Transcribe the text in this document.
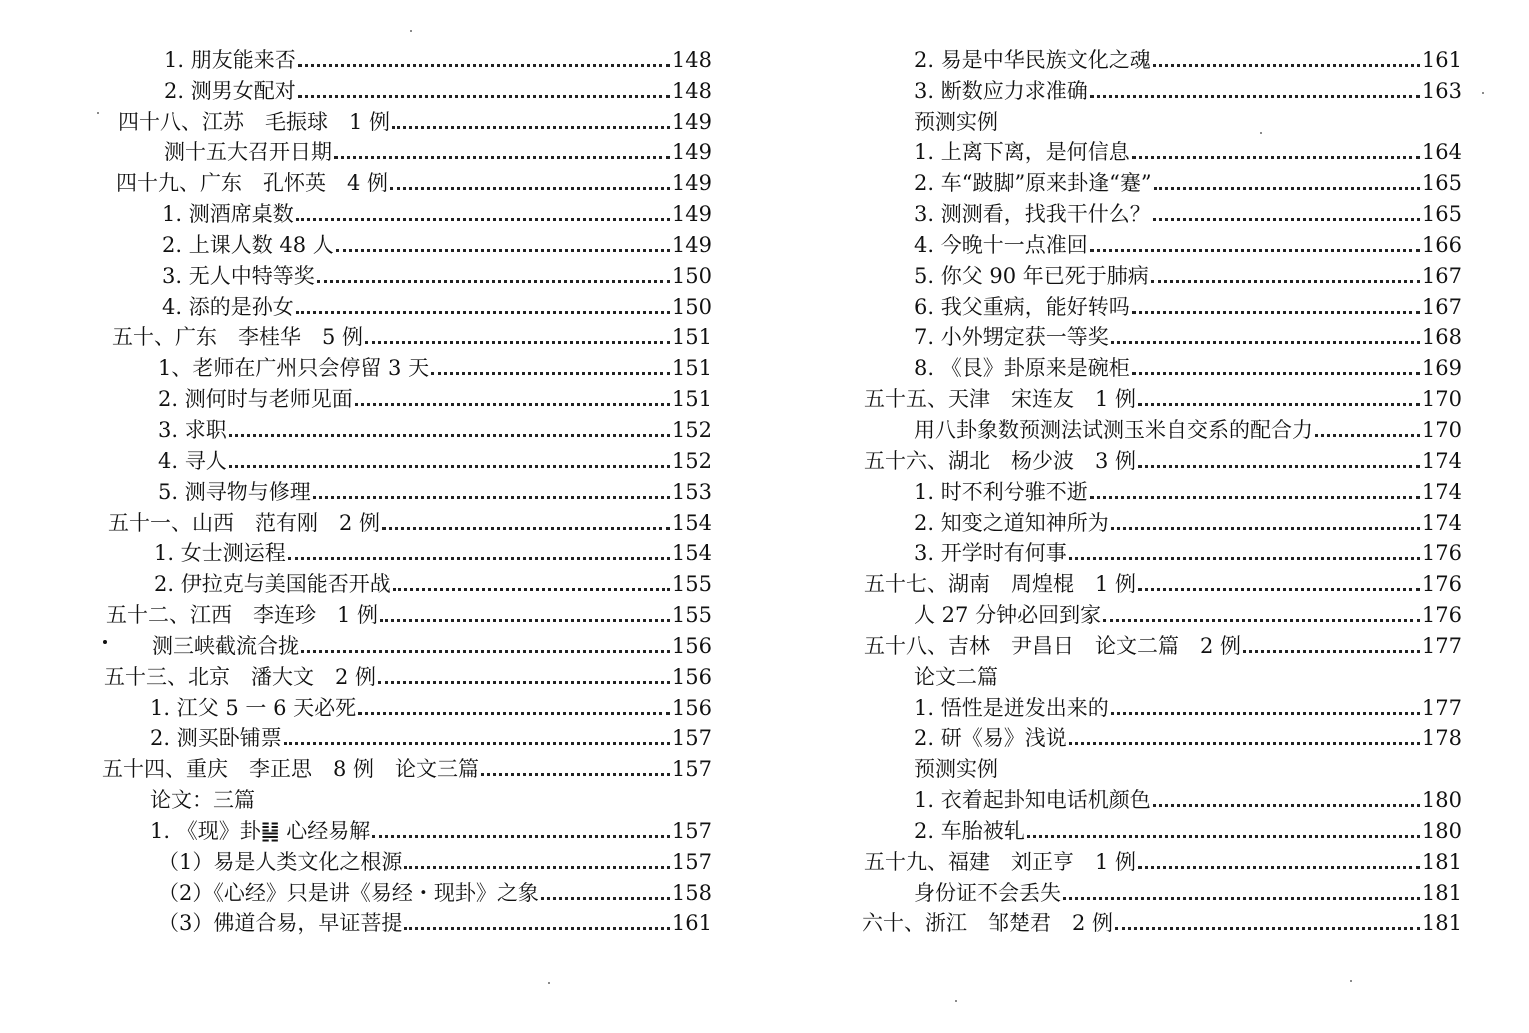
1. 朋友能来否	148
2. 测男女配对	148
四十八、江苏　毛振球　1 例	149
测十五大召开日期	149
四十九、广东　孔怀英　4 例	149
1. 测酒席桌数	149
2. 上课人数 48 人	149
3. 无人中特等奖	150
4. 添的是孙女	150
五十、广东　李桂华　5 例	151
1、老师在广州只会停留 3 天	151
2. 测何时与老师见面	151
3. 求职	152
4. 寻人	152
5. 测寻物与修理	153
五十一、山西　范有刚　2 例	154
1. 女士测运程	154
2. 伊拉克与美国能否开战	155
五十二、江西　李连珍　1 例	155
测三峡截流合拢	156
五十三、北京　潘大文　2 例	156
1. 江父 5 一 6 天必死	156
2. 测买卧铺票	157
五十四、重庆　李正思　8 例　论文三篇	157
论文：三篇
1. 《现》卦䷭ 心经易解	157
（1）易是人类文化之根源	157
（2）《心经》只是讲《易经・现卦》之象	158
（3）佛道合易，早证菩提	161
2. 易是中华民族文化之魂	161
3. 断数应力求准确	163
预测实例
1. 上离下离，是何信息	164
2. 车“跛脚”原来卦逢“蹇”	165
3. 测测看，找我干什么？	165
4. 今晚十一点准回	166
5. 你父 90 年已死于肺病	167
6. 我父重病，能好转吗	167
7. 小外甥定获一等奖	168
8. 《艮》卦原来是碗柜	169
五十五、天津　宋连友　1 例	170
用八卦象数预测法试测玉米自交系的配合力	170
五十六、湖北　杨少波　3 例	174
1. 时不利兮骓不逝	174
2. 知变之道知神所为	174
3. 开学时有何事	176
五十七、湖南　周煌棍　1 例	176
人 27 分钟必回到家	176
五十八、吉林　尹昌日　论文二篇　2 例	177
论文二篇
1. 悟性是迸发出来的	177
2. 研《易》浅说	178
预测实例
1. 衣着起卦知电话机颜色	180
2. 车胎被轧	180
五十九、福建　刘正亨　1 例	181
身份证不会丢失	181
六十、浙江　邹楚君　2 例	181
